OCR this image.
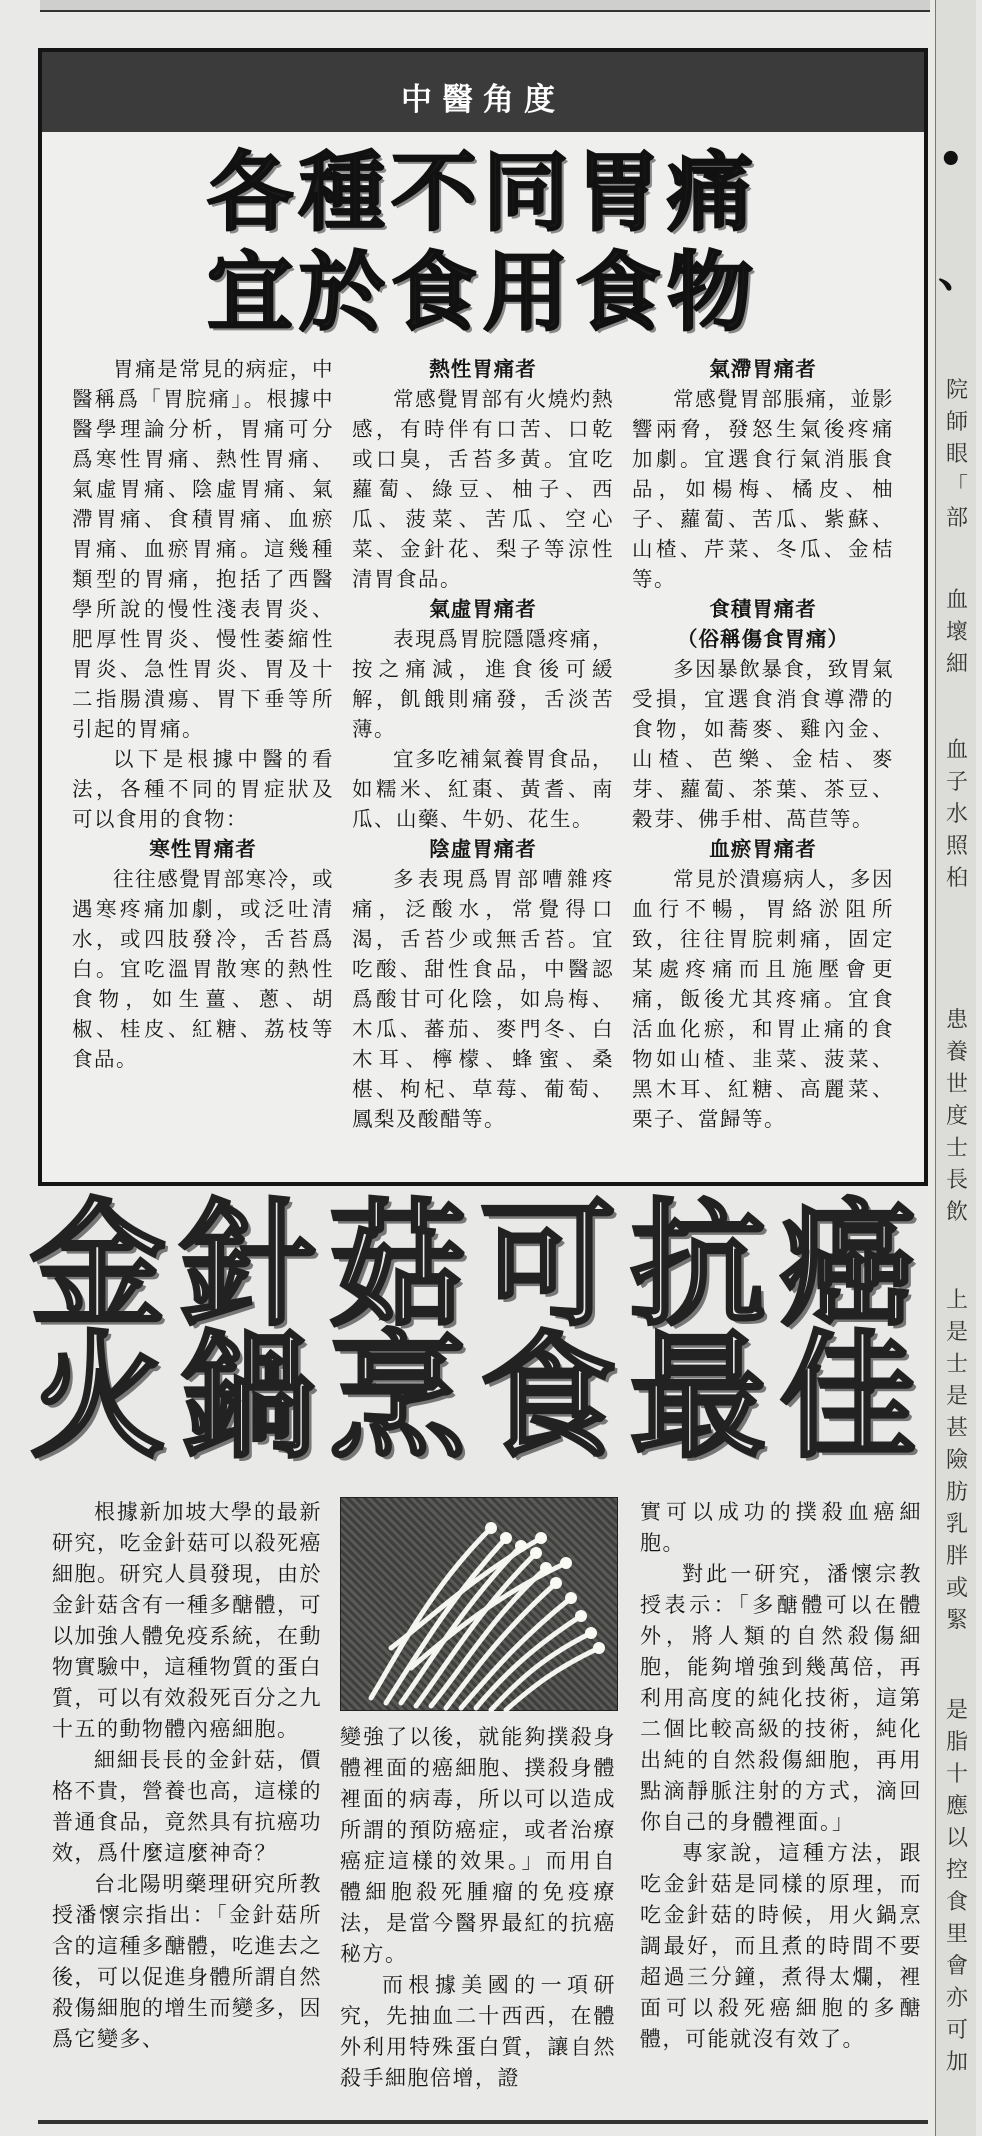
•
、
院
師
眼
「
部
血
壞
細
血
子
水
照
桕
患
養
世
度
士
長
飲
上
是
士
是
甚
險
肪
乳
胖
或
緊
是
脂
十
應
以
控
食
里
會
亦
可
加
中醫角度
各種不同胃痛
宜於食用食物

胃痛是常見的病症，中醫稱爲「胃脘痛」。根據中醫學理論分析，胃痛可分爲寒性胃痛、熱性胃痛、氣虛胃痛、陰虛胃痛、氣滯胃痛、食積胃痛、血瘀胃痛、血瘀胃痛。這幾種類型的胃痛，抱括了西醫學所說的慢性淺表胃炎、肥厚性胃炎、慢性萎縮性胃炎、急性胃炎、胃及十二指腸潰瘍、胃下垂等所引起的胃痛。

以下是根據中醫的看法，各種不同的胃症狀及可以食用的食物：

寒性胃痛者

往往感覺胃部寒冷，或遇寒疼痛加劇，或泛吐清水，或四肢發冷，舌苔爲白。宜吃溫胃散寒的熱性食物，如生薑、蔥、胡椒、桂皮、紅糖、荔枝等食品。

熱性胃痛者

常感覺胃部有火燒灼熱感，有時伴有口苦、口乾或口臭，舌苔多黃。宜吃蘿蔔、綠豆、柚子、西瓜、菠菜、苦瓜、空心菜、金針花、梨子等涼性清胃食品。

氣虛胃痛者

表現爲胃脘隱隱疼痛，按之痛減，進食後可緩解，飢餓則痛發，舌淡苦薄。

宜多吃補氣養胃食品，如糯米、紅棗、黃耆、南瓜、山藥、牛奶、花生。

陰虛胃痛者

多表現爲胃部嘈雜疼痛，泛酸水，常覺得口渴，舌苔少或無舌苔。宜吃酸、甜性食品，中醫認爲酸甘可化陰，如烏梅、木瓜、蕃茄、麥門冬、白木耳、檸檬、蜂蜜、桑椹、枸杞、草莓、葡萄、鳳梨及酸醋等。

氣滯胃痛者

常感覺胃部脹痛，並影響兩脅，發怒生氣後疼痛加劇。宜選食行氣消脹食品，如楊梅、橘皮、柚子、蘿蔔、苦瓜、紫蘇、山楂、芹菜、冬瓜、金桔等。

食積胃痛者

（俗稱傷食胃痛）

多因暴飲暴食，致胃氣受損，宜選食消食導滯的食物，如蕎麥、雞內金、山楂、芭樂、金桔、麥芽、蘿蔔、茶葉、茶豆、穀芽、佛手柑、萵苣等。

血瘀胃痛者

常見於潰瘍病人，多因血行不暢，胃絡淤阻所致，往往胃脘刺痛，固定某處疼痛而且施壓會更痛，飯後尤其疼痛。宜食活血化瘀，和胃止痛的食物如山楂、韭菜、菠菜、黑木耳、紅糖、高麗菜、栗子、當歸等。

金針菇可抗癌
火鍋烹食最佳

根據新加坡大學的最新研究，吃金針菇可以殺死癌細胞。研究人員發現，由於金針菇含有一種多醣體，可以加強人體免疫系統，在動物實驗中，這種物質的蛋白質，可以有效殺死百分之九十五的動物體內癌細胞。

細細長長的金針菇，價格不貴，營養也高，這樣的普通食品，竟然具有抗癌功效，爲什麼這麼神奇？

台北陽明藥理研究所教授潘懷宗指出：「金針菇所含的這種多醣體，吃進去之後，可以促進身體所謂自然殺傷細胞的增生而變多，因爲它變多、

變強了以後，就能夠撲殺身體裡面的癌細胞、撲殺身體裡面的病毒，所以可以造成所謂的預防癌症，或者治療癌症這樣的效果。」而用自體細胞殺死腫瘤的免疫療法，是當今醫界最紅的抗癌秘方。

而根據美國的一項研究，先抽血二十西西，在體外利用特殊蛋白質，讓自然殺手細胞倍增，證

實可以成功的撲殺血癌細胞。

對此一研究，潘懷宗教授表示：「多醣體可以在體外，將人類的自然殺傷細胞，能夠增強到幾萬倍，再利用高度的純化技術，這第二個比較高級的技術，純化出純的自然殺傷細胞，再用點滴靜脈注射的方式，滴回你自己的身體裡面。」

專家說，這種方法，跟吃金針菇是同樣的原理，而吃金針菇的時候，用火鍋烹調最好，而且煮的時間不要超過三分鐘，煮得太爛，裡面可以殺死癌細胞的多醣體，可能就沒有效了。
